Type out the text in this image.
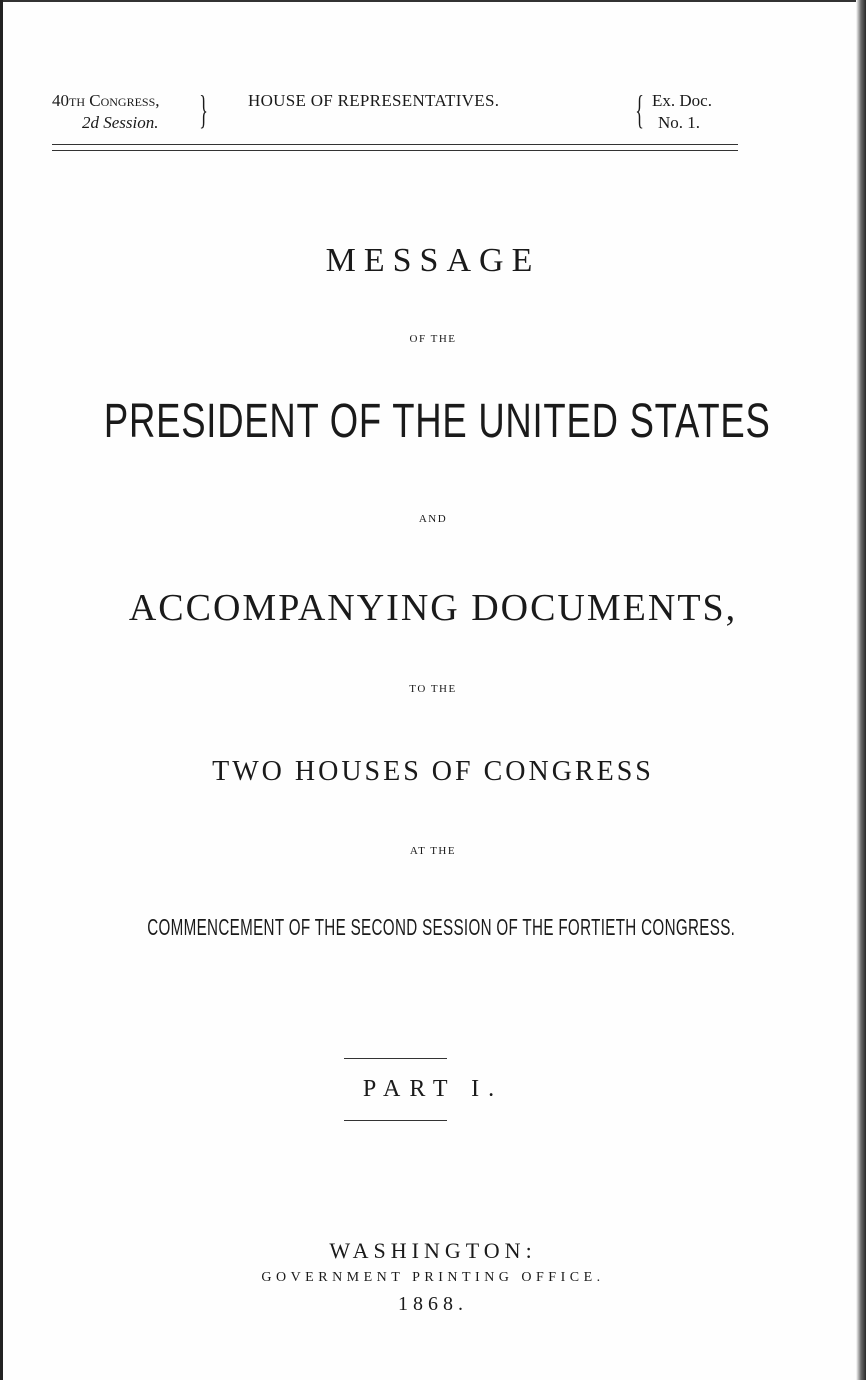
40th Congress,
2d Session.	} HOUSE OF REPRESENTATIVES.	{ Ex. Doc.
No. 1.
MESSAGE
OF THE
PRESIDENT OF THE UNITED STATES
AND
ACCOMPANYING DOCUMENTS,
TO THE
TWO HOUSES OF CONGRESS
AT THE
COMMENCEMENT OF THE SECOND SESSION OF THE FORTIETH CONGRESS.
PART I.
WASHINGTON:
GOVERNMENT PRINTING OFFICE.
1868.
